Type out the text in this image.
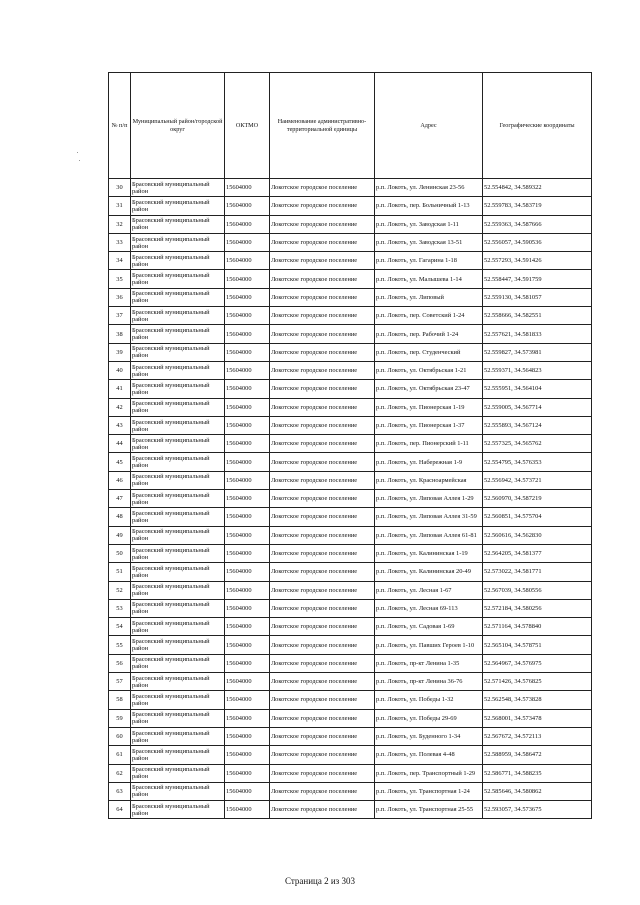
№ п/п	Муниципальный район/городской округ	ОКТМО	Наименование административно-территориальной единицы	Адрес	Географические координаты
30	Брасовский муниципальный район	15604000	Локотское городское поселение	р.п. Локоть, ул. Ленинская 23-56	52.554842, 34.589322
31	Брасовский муниципальный район	15604000	Локотское городское поселение	р.п. Локоть, пер. Больничный 1-13	52.559783, 34.583719
32	Брасовский муниципальный район	15604000	Локотское городское поселение	р.п. Локоть, ул. Заводская 1-11	52.559363, 34.587666
33	Брасовский муниципальный район	15604000	Локотское городское поселение	р.п. Локоть, ул. Заводская 13-51	52.556057, 34.590536
34	Брасовский муниципальный район	15604000	Локотское городское поселение	р.п. Локоть, ул. Гагарина 1-18	52.557293, 34.591426
35	Брасовский муниципальный район	15604000	Локотское городское поселение	р.п. Локоть, ул. Малышева 1-14	52.558447, 34.591759
36	Брасовский муниципальный район	15604000	Локотское городское поселение	р.п. Локоть, ул. Липовый	52.559130, 34.581057
37	Брасовский муниципальный район	15604000	Локотское городское поселение	р.п. Локоть, пер. Советский 1-24	52.558666, 34.582551
38	Брасовский муниципальный район	15604000	Локотское городское поселение	р.п. Локоть, пер. Рабочий 1-24	52.557621, 34.581833
39	Брасовский муниципальный район	15604000	Локотское городское поселение	р.п. Локоть, пер. Студенческий	52.559827, 34.573981
40	Брасовский муниципальный район	15604000	Локотское городское поселение	р.п. Локоть, ул. Октябрьская 1-21	52.559371, 34.564823
41	Брасовский муниципальный район	15604000	Локотское городское поселение	р.п. Локоть, ул. Октябрьская 23-47	52.555951, 34.564104
42	Брасовский муниципальный район	15604000	Локотское городское поселение	р.п. Локоть, ул. Пионерская 1-19	52.559005, 34.567714
43	Брасовский муниципальный район	15604000	Локотское городское поселение	р.п. Локоть, ул. Пионерская 1-37	52.555893, 34.567124
44	Брасовский муниципальный район	15604000	Локотское городское поселение	р.п. Локоть, пер. Пионерский 1-11	52.557325, 34.565762
45	Брасовский муниципальный район	15604000	Локотское городское поселение	р.п. Локоть, ул. Набережная 1-9	52.554795, 34.576353
46	Брасовский муниципальный район	15604000	Локотское городское поселение	р.п. Локоть, ул. Красноармейская	52.556942, 34.573721
47	Брасовский муниципальный район	15604000	Локотское городское поселение	р.п. Локоть, ул. Липовая Аллея 1-29	52.560970, 34.587219
48	Брасовский муниципальный район	15604000	Локотское городское поселение	р.п. Локоть, ул. Липовая Аллея 31-59	52.560851, 34.575704
49	Брасовский муниципальный район	15604000	Локотское городское поселение	р.п. Локоть, ул. Липовая Аллея 61-81	52.560616, 34.562830
50	Брасовский муниципальный район	15604000	Локотское городское поселение	р.п. Локоть, ул. Калининская 1-19	52.564205, 34.581377
51	Брасовский муниципальный район	15604000	Локотское городское поселение	р.п. Локоть, ул. Калининская 20-49	52.573022, 34.581771
52	Брасовский муниципальный район	15604000	Локотское городское поселение	р.п. Локоть, ул. Лесная 1-67	52.567039, 34.580556
53	Брасовский муниципальный район	15604000	Локотское городское поселение	р.п. Локоть, ул. Лесная 69-113	52.572184, 34.580256
54	Брасовский муниципальный район	15604000	Локотское городское поселение	р.п. Локоть, ул. Садовая 1-69	52.571164, 34.578840
55	Брасовский муниципальный район	15604000	Локотское городское поселение	р.п. Локоть, ул. Павших Героев 1-10	52.565104, 34.578751
56	Брасовский муниципальный район	15604000	Локотское городское поселение	р.п. Локоть, пр-кт Ленина 1-35	52.564967, 34.576975
57	Брасовский муниципальный район	15604000	Локотское городское поселение	р.п. Локоть, пр-кт Ленина 36-76	52.571426, 34.576825
58	Брасовский муниципальный район	15604000	Локотское городское поселение	р.п. Локоть, ул. Победы 1-32	52.562548, 34.573828
59	Брасовский муниципальный район	15604000	Локотское городское поселение	р.п. Локоть, ул. Победы 29-69	52.568001, 34.573478
60	Брасовский муниципальный район	15604000	Локотское городское поселение	р.п. Локоть, ул. Буденного 1-34	52.567672, 34.572113
61	Брасовский муниципальный район	15604000	Локотское городское поселение	р.п. Локоть, ул. Полевая 4-48	52.588959, 34.586472
62	Брасовский муниципальный район	15604000	Локотское городское поселение	р.п. Локоть, пер. Транспортный 1-29	52.586771, 34.588235
63	Брасовский муниципальный район	15604000	Локотское городское поселение	р.п. Локоть, ул. Транспортная 1-24	52.585646, 34.580862
64	Брасовский муниципальный район	15604000	Локотское городское поселение	р.п. Локоть, ул. Транспортная 25-55	52.593057, 34.573675
Страница 2 из 303
